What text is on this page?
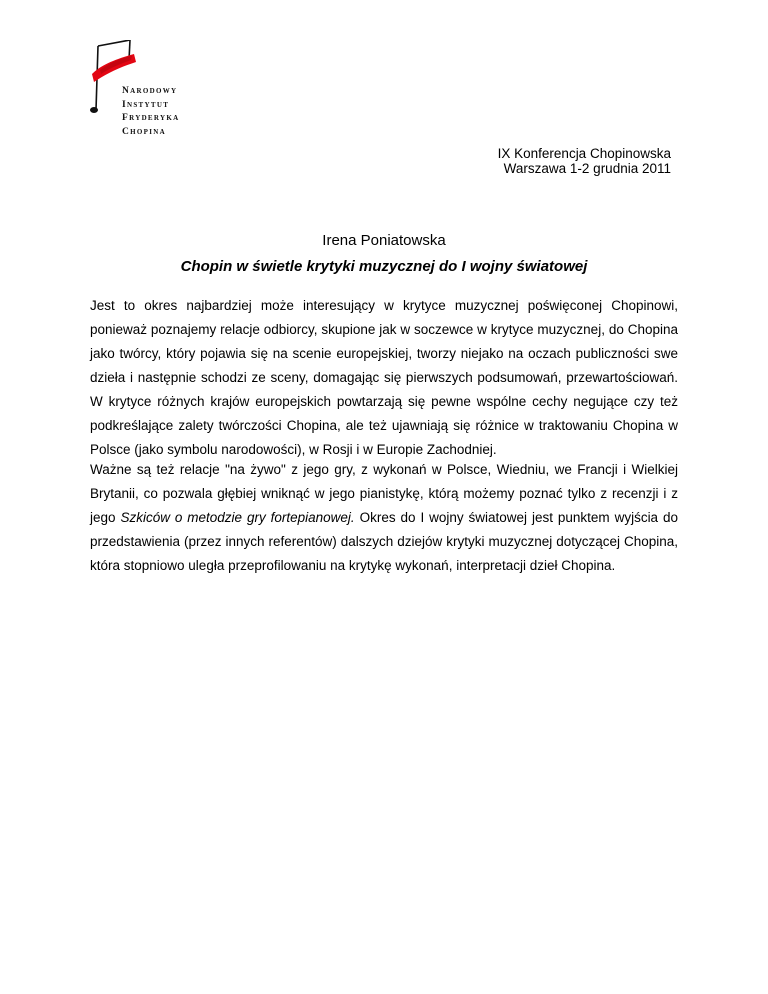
Narodowy
Instytut
Fryderyka
Chopina
IX Konferencja Chopinowska
Warszawa 1-2 grudnia 2011
Irena Poniatowska
Chopin w świetle krytyki muzycznej do I wojny światowej

Jest to okres najbardziej może interesujący w krytyce muzycznej poświęconej Chopinowi, ponieważ poznajemy relacje odbiorcy, skupione jak w soczewce w krytyce muzycznej, do Chopina jako twórcy, który pojawia się na scenie europejskiej, tworzy niejako na oczach publiczności swe dzieła i następnie schodzi ze sceny, domagając się pierwszych podsumowań, przewartościowań. W krytyce różnych krajów europejskich powtarzają się pewne wspólne cechy negujące czy też podkreślające zalety twórczości Chopina, ale też ujawniają się różnice w traktowaniu Chopina w Polsce (jako symbolu narodowości), w Rosji i w Europie Zachodniej.

Ważne są też relacje "na żywo" z jego gry, z wykonań w Polsce, Wiedniu, we Francji i Wielkiej Brytanii, co pozwala głębiej wniknąć w jego pianistykę, którą możemy poznać tylko z recenzji i z jego Szkiców o metodzie gry fortepianowej. Okres do I wojny światowej jest punktem wyjścia do przedstawienia (przez innych referentów) dalszych dziejów krytyki muzycznej dotyczącej Chopina, która stopniowo uległa przeprofilowaniu na krytykę wykonań, interpretacji dzieł Chopina.
